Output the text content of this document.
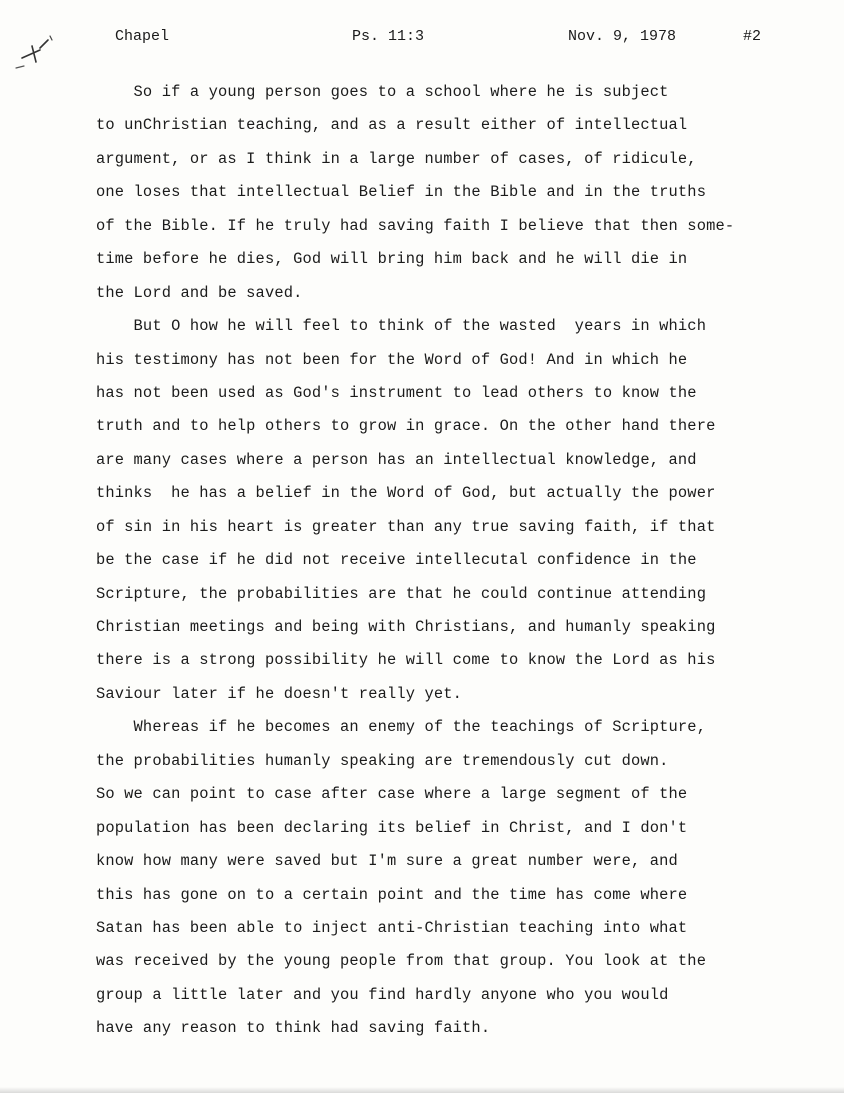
Chapel	Ps. 11:3	Nov. 9, 1978	#2
So if a young person goes to a school where he is subject
to unChristian teaching, and as a result either of intellectual
argument, or as I think in a large number of cases, of ridicule,
one loses that intellectual Belief in the Bible and in the truths
of the Bible. If he truly had saving faith I believe that then some-
time before he dies, God will bring him back and he will die in
the Lord and be saved.
But O how he will feel to think of the wasted  years in which
his testimony has not been for the Word of God! And in which he
has not been used as God's instrument to lead others to know the
truth and to help others to grow in grace. On the other hand there
are many cases where a person has an intellectual knowledge, and
thinks  he has a belief in the Word of God, but actually the power
of sin in his heart is greater than any true saving faith, if that
be the case if he did not receive intellecutal confidence in the
Scripture, the probabilities are that he could continue attending
Christian meetings and being with Christians, and humanly speaking
there is a strong possibility he will come to know the Lord as his
Saviour later if he doesn't really yet.
Whereas if he becomes an enemy of the teachings of Scripture,
the probabilities humanly speaking are tremendously cut down.
So we can point to case after case where a large segment of the
population has been declaring its belief in Christ, and I don't
know how many were saved but I'm sure a great number were, and
this has gone on to a certain point and the time has come where
Satan has been able to inject anti-Christian teaching into what
was received by the young people from that group. You look at the
group a little later and you find hardly anyone who you would
have any reason to think had saving faith.
